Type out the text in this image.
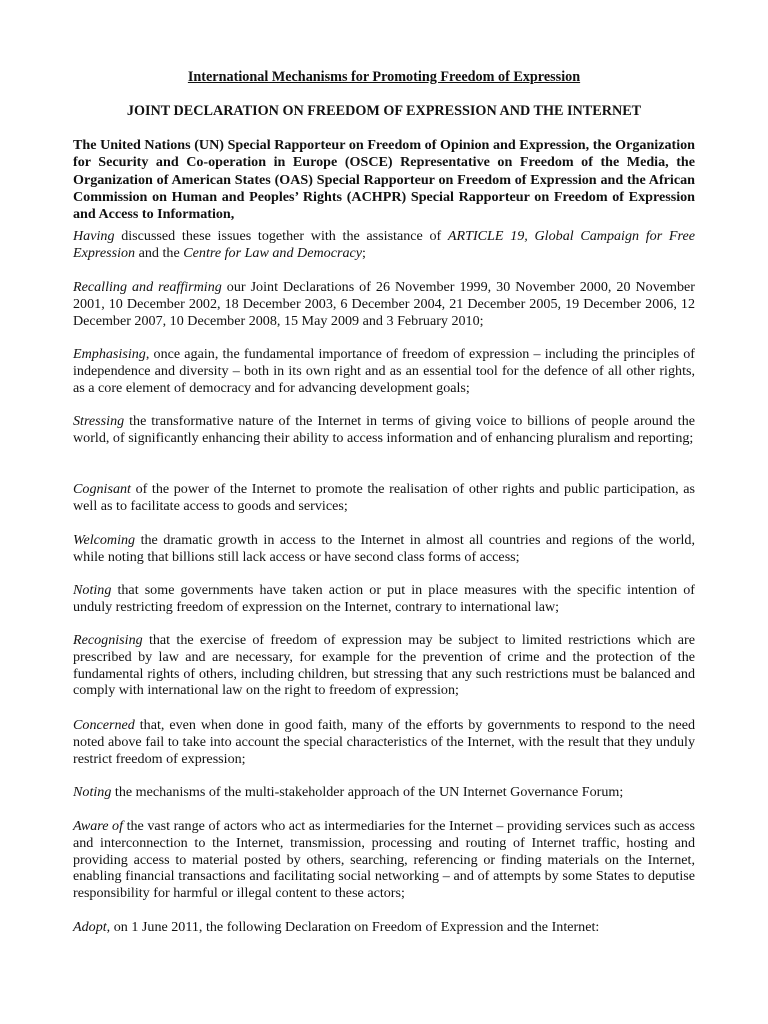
International Mechanisms for Promoting Freedom of Expression
JOINT DECLARATION ON FREEDOM OF EXPRESSION AND THE INTERNET
The United Nations (UN) Special Rapporteur on Freedom of Opinion and Expression, the Organization for Security and Co-operation in Europe (OSCE) Representative on Freedom of the Media, the Organization of American States (OAS) Special Rapporteur on Freedom of Expression and the African Commission on Human and Peoples’ Rights (ACHPR) Special Rapporteur on Freedom of Expression and Access to Information,

Having discussed these issues together with the assistance of ARTICLE 19, Global Campaign for Free Expression and the Centre for Law and Democracy;

Recalling and reaffirming our Joint Declarations of 26 November 1999, 30 November 2000, 20 November 2001, 10 December 2002, 18 December 2003, 6 December 2004, 21 December 2005, 19 December 2006, 12 December 2007, 10 December 2008, 15 May 2009 and 3 February 2010;

Emphasising, once again, the fundamental importance of freedom of expression – including the principles of independence and diversity – both in its own right and as an essential tool for the defence of all other rights, as a core element of democracy and for advancing development goals;

Stressing the transformative nature of the Internet in terms of giving voice to billions of people around the world, of significantly enhancing their ability to access information and of enhancing pluralism and reporting;

Cognisant of the power of the Internet to promote the realisation of other rights and public participation, as well as to facilitate access to goods and services;

Welcoming the dramatic growth in access to the Internet in almost all countries and regions of the world, while noting that billions still lack access or have second class forms of access;

Noting that some governments have taken action or put in place measures with the specific intention of unduly restricting freedom of expression on the Internet, contrary to international law;

Recognising that the exercise of freedom of expression may be subject to limited restrictions which are prescribed by law and are necessary, for example for the prevention of crime and the protection of the fundamental rights of others, including children, but stressing that any such restrictions must be balanced and comply with international law on the right to freedom of expression;

Concerned that, even when done in good faith, many of the efforts by governments to respond to the need noted above fail to take into account the special characteristics of the Internet, with the result that they unduly restrict freedom of expression;

Noting the mechanisms of the multi-stakeholder approach of the UN Internet Governance Forum;

Aware of the vast range of actors who act as intermediaries for the Internet – providing services such as access and interconnection to the Internet, transmission, processing and routing of Internet traffic, hosting and providing access to material posted by others, searching, referencing or finding materials on the Internet, enabling financial transactions and facilitating social networking – and of attempts by some States to deputise responsibility for harmful or illegal content to these actors;

Adopt, on 1 June 2011, the following Declaration on Freedom of Expression and the Internet:
